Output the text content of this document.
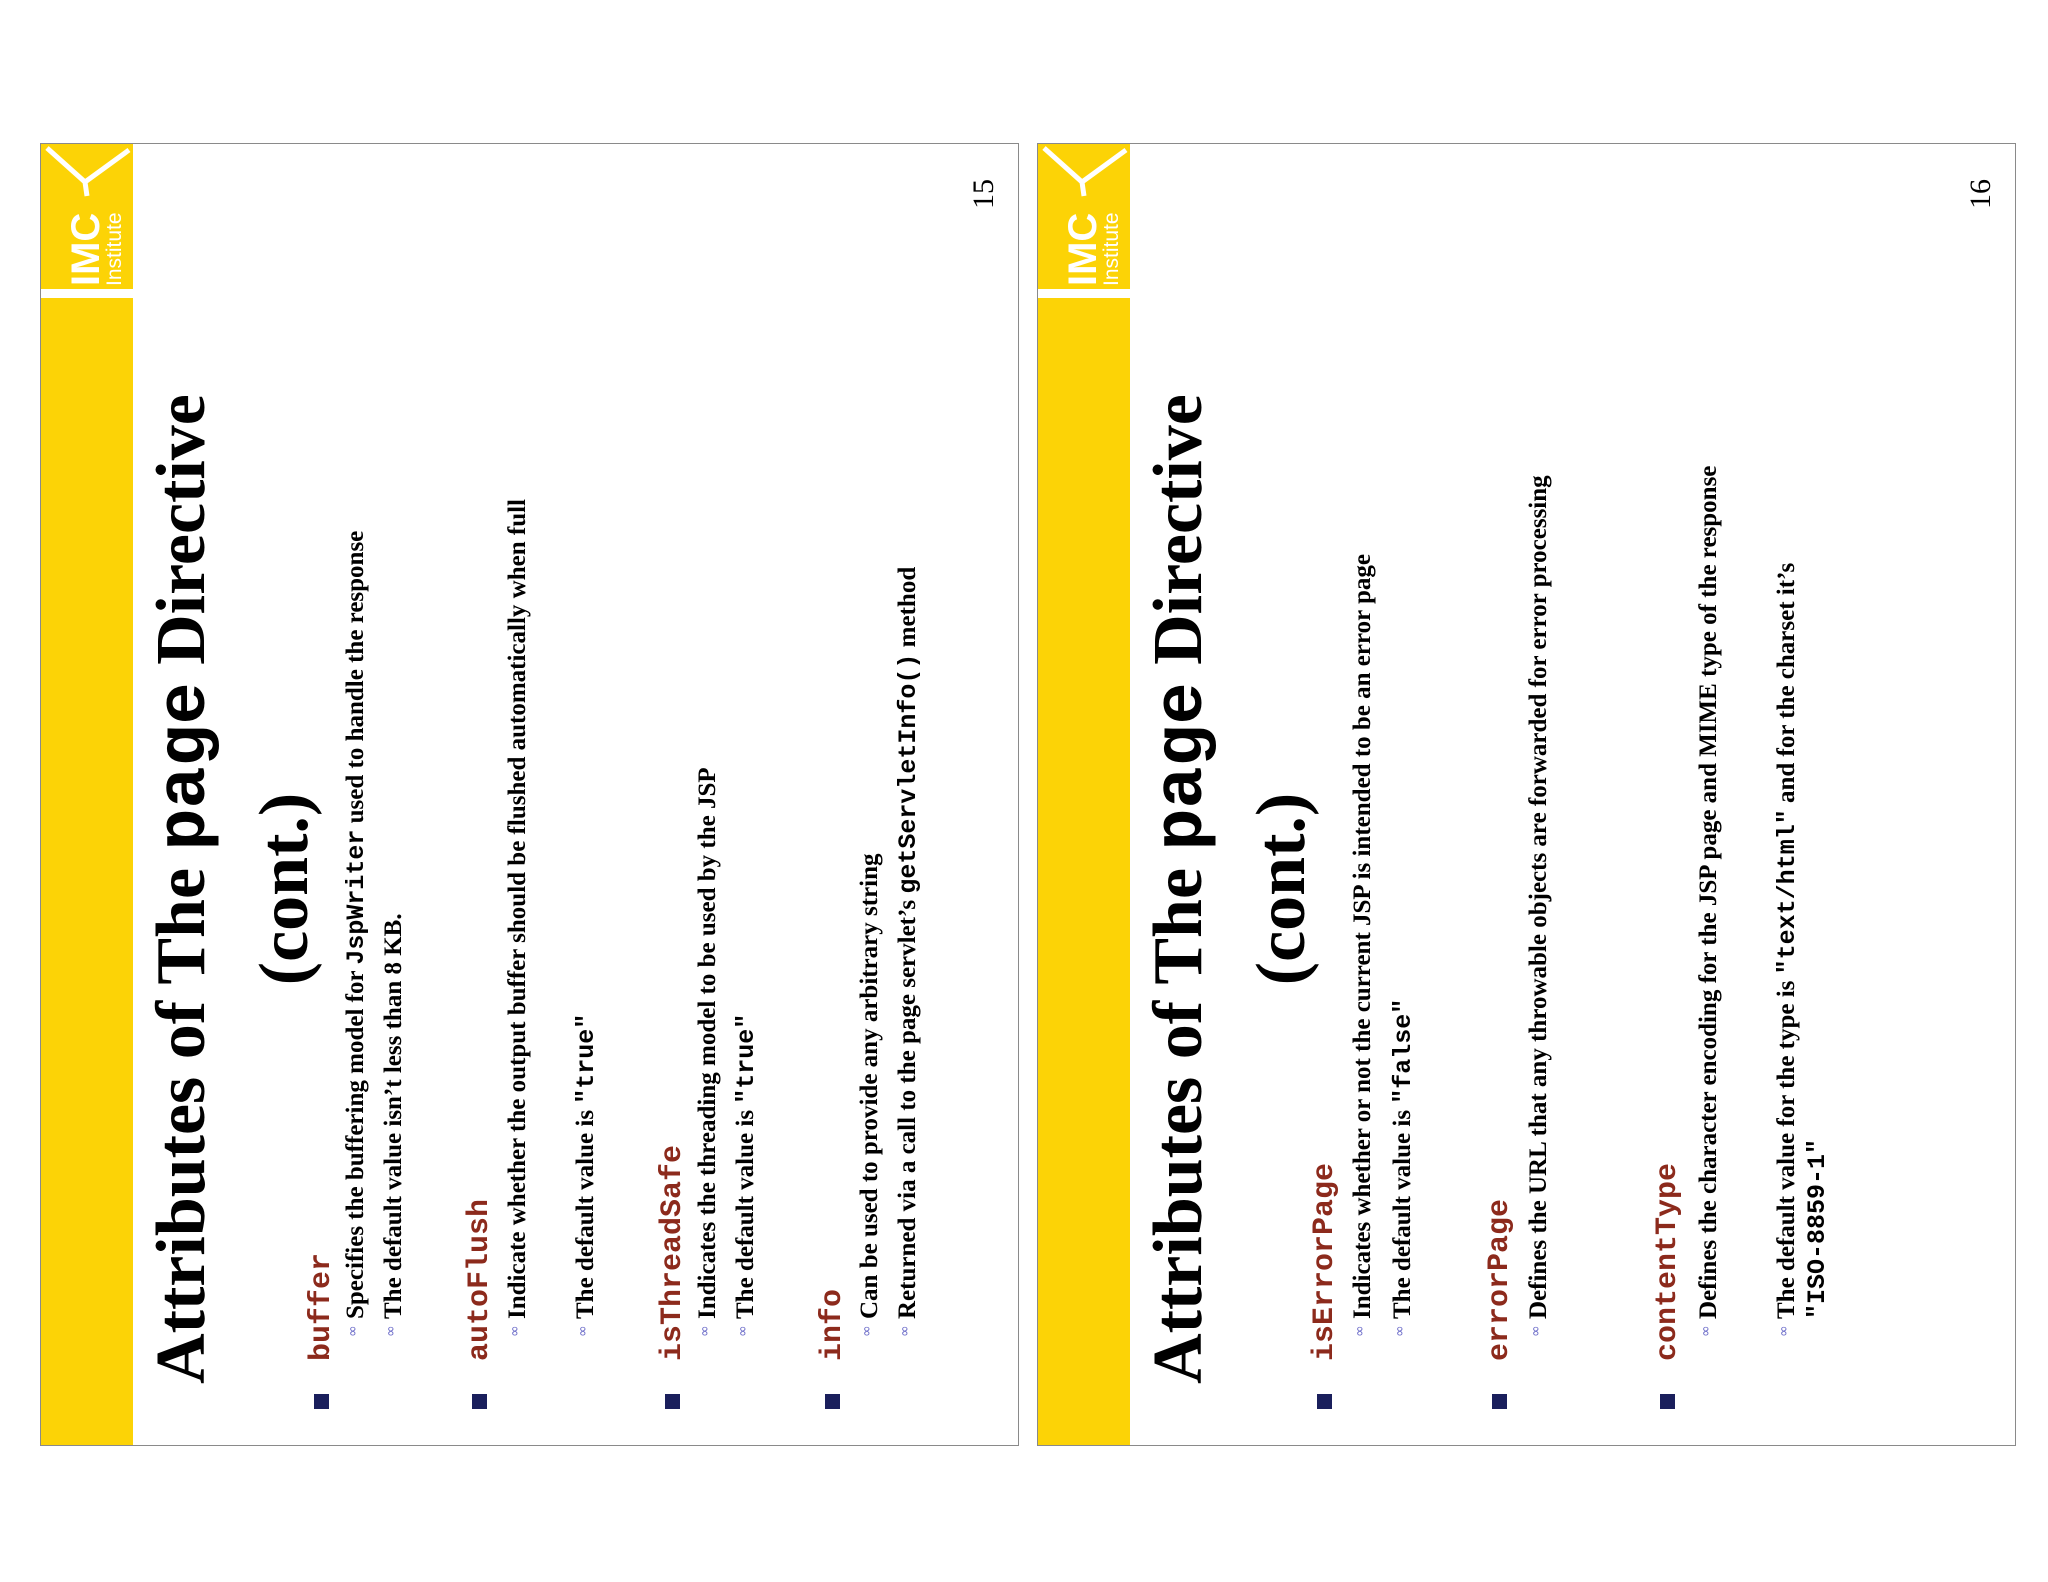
IMC
Institute
15
Attributes of The page Directive
(cont.)
buffer ∞
Specifies the buffering model for JspWriter used to handle the response
∞
The default value isn’t less than 8 KB. autoFlush ∞
Indicate whether the output buffer should be flushed automatically when full
∞
The default value is "true"
isThreadSafe ∞
Indicates the threading model to be used by the JSP
∞
The default value is "true"
info ∞
Can be used to provide any arbitrary string
∞
Returned via a call to the page servlet’s getServletInfo() method
IMC
Institute
16
Attributes of The page Directive
(cont.)
isErrorPage ∞
Indicates whether or not the current JSP is intended to be an error page
∞
The default value is "false"
errorPage ∞
Defines the URL that any throwable objects are forwarded for error processing	contentType ∞
Defines the character encoding for the JSP page and MIME type of the response
∞
The default value for the type is "text/html" and for the charset it’s
"ISO-8859-1"
